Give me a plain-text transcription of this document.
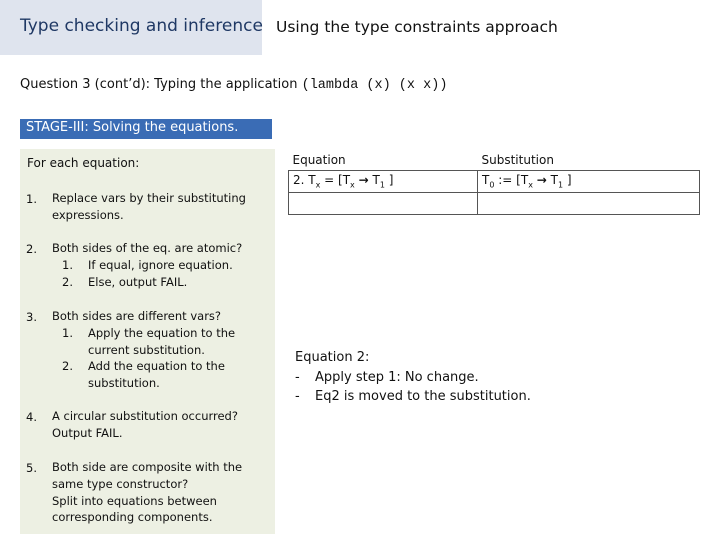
Type checking and inference Using the type constraints approach
Question 3 (cont’d): Typing the application (lambda (x) (x x))
STAGE-III: Solving the equations.
For each equation:
1. Replace vars by their substituting expressions.
2. Both sides of the eq. are atomic?
1. If equal, ignore equation.
2. Else, output FAIL.
3. Both sides are different vars?
1.	Apply the equation to the current substitution.
2.	Add the equation to the substitution.
4. A circular substitution occurred?
Output FAIL.
5. Both side are composite with the same type constructor?
Split into equations between corresponding components.
Equation	Substitution
2. $T_x = [T_x \to T_1$ ]	$T_0$ := [$T_x \to T_1$ ]

Equation 2:
- Apply step 1: No change.
- Eq2 is moved to the substitution.
